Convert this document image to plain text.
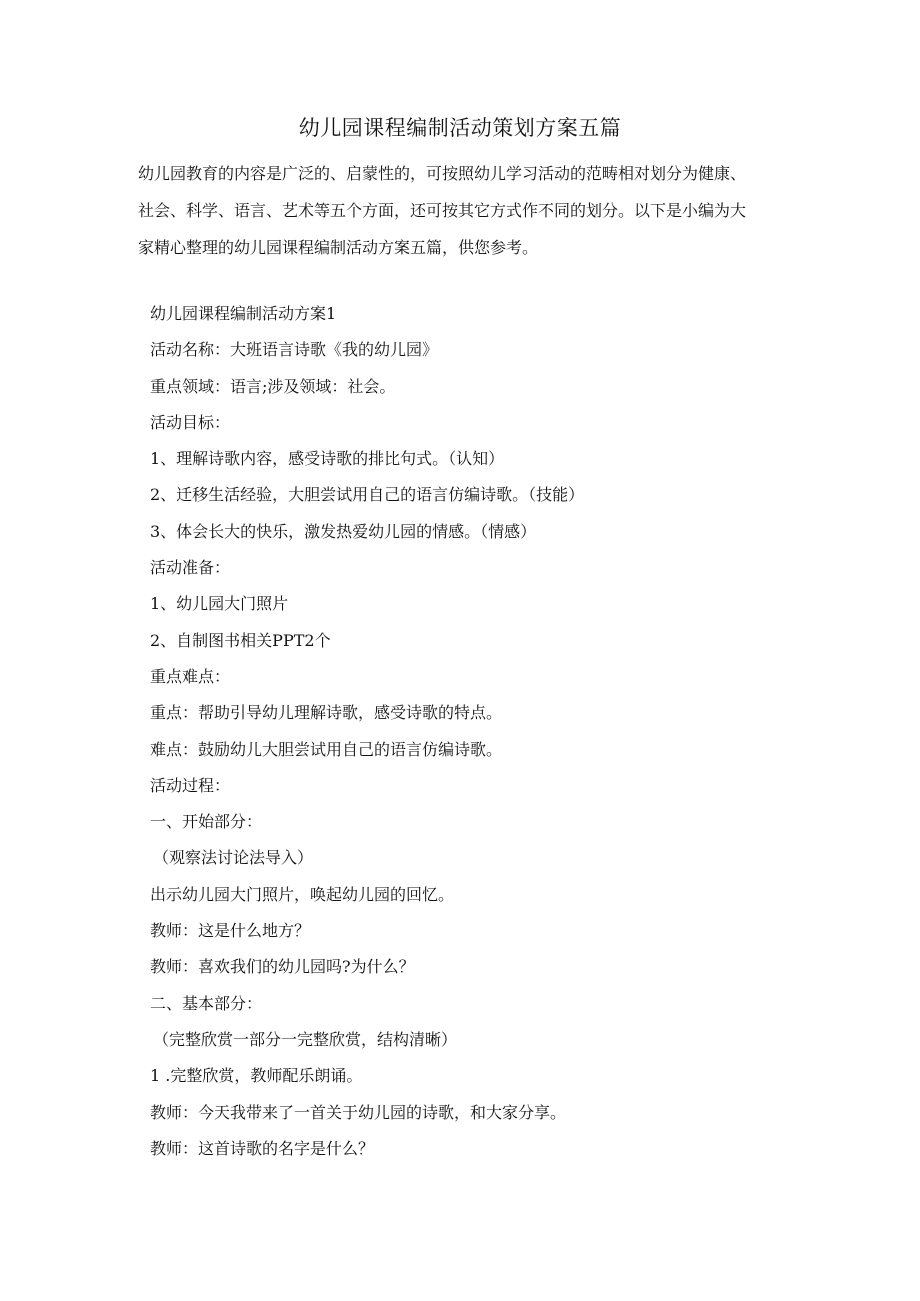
幼儿园课程编制活动策划方案五篇

幼儿园教育的内容是广泛的、启蒙性的，可按照幼儿学习活动的范畴相对划分为健康、
社会、科学、语言、艺术等五个方面，还可按其它方式作不同的划分。以下是小编为大
家精心整理的幼儿园课程编制活动方案五篇，供您参考。

幼儿园课程编制活动方案1
活动名称：大班语言诗歌《我的幼儿园》
重点领域：语言;涉及领域：社会。
活动目标：
1、理解诗歌内容，感受诗歌的排比句式。（认知）
2、迁移生活经验，大胆尝试用自己的语言仿编诗歌。（技能）
3、体会长大的快乐，激发热爱幼儿园的情感。（情感）
活动准备：
1、幼儿园大门照片
2、自制图书相关PPT2个
重点难点：
重点：帮助引导幼儿理解诗歌，感受诗歌的特点。
难点：鼓励幼儿大胆尝试用自己的语言仿编诗歌。
活动过程：
一、开始部分：
（观察法讨论法导入）
出示幼儿园大门照片，唤起幼儿园的回忆。
教师：这是什么地方？
教师：喜欢我们的幼儿园吗?为什么？
二、基本部分：
（完整欣赏一部分一完整欣赏，结构清晰）
1 .完整欣赏，教师配乐朗诵。
教师：今天我带来了一首关于幼儿园的诗歌，和大家分享。
教师：这首诗歌的名字是什么？
